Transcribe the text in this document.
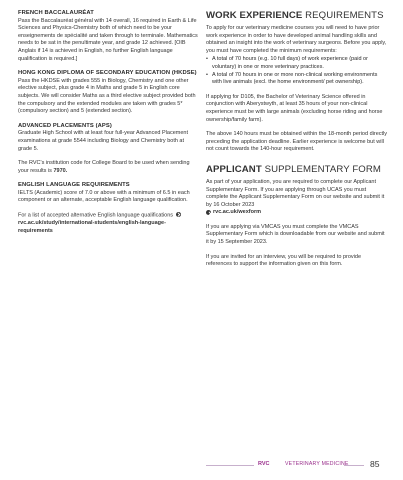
FRENCH BACCALAURÉAT
Pass the Baccalauréat général with 14 overall, 16 required in Earth & Life Sciences and Physics-Chemistry both of which need to be your enseignements de spécialité and taken through to terminale. Mathematics needs to be sat in the penultimate year, and grade 12 achieved. [OIB Anglais if 14 is achieved in English, no further English language qualification is required.]
HONG KONG DIPLOMA OF SECONDARY EDUCATION (HKDSE)
Pass the HKDSE with grades 555 in Biology, Chemistry and one other elective subject, plus grade 4 in Maths and grade 5 in English core subjects. We will consider Maths as a third elective subject provided both the compulsory and the extended modules are taken with grades 5* (compulsory section) and 5 (extended section).
ADVANCED PLACEMENTS (APS)
Graduate High School with at least four full-year Advanced Placement examinations at grade 5544 including Biology and Chemistry both at grade 5.
The RVC's institution code for College Board to be used when sending your results is 7970.
ENGLISH LANGUAGE REQUIREMENTS
IELTS (Academic) score of 7.0 or above with a minimum of 6.5 in each component or an alternate, acceptable English language qualification.
For a list of accepted alternative English language qualifications  rvc.ac.uk/study/international-students/english-language-requirements
WORK EXPERIENCE REQUIREMENTS
To apply for our veterinary medicine courses you will need to have prior work experience in order to have developed animal handling skills and obtained an insight into the work of veterinary surgeons. Before you apply, you must have completed the minimum requirements:
• A total of 70 hours (e.g. 10 full days) of work experience (paid or voluntary) in one or more veterinary practices.
• A total of 70 hours in one or more non-clinical working environments with live animals (excl. the home environment/ pet ownership).
If applying for D105, the Bachelor of Veterinary Science offered in conjunction with Aberystwyth, at least 35 hours of your non-clinical experience must be with large animals (excluding horse riding and horse ownership/family farm).
The above 140 hours must be obtained within the 18-month period directly preceding the application deadline. Earlier experience is welcome but will not count towards the 140-hour requirement.
APPLICANT SUPPLEMENTARY FORM
As part of your application, you are required to complete our Applicant Supplementary Form. If you are applying through UCAS you must complete the Applicant Supplementary Form on our website and submit it by 16 October 2023
rvc.ac.uk/wexform
If you are applying via VMCAS you must complete the VMCAS Supplementary Form which is downloadable from our website and submit it by 15 September 2023.
If you are invited for an interview, you will be required to provide references to support the information given on this form.
RVC	VETERINARY MEDICINE 85
